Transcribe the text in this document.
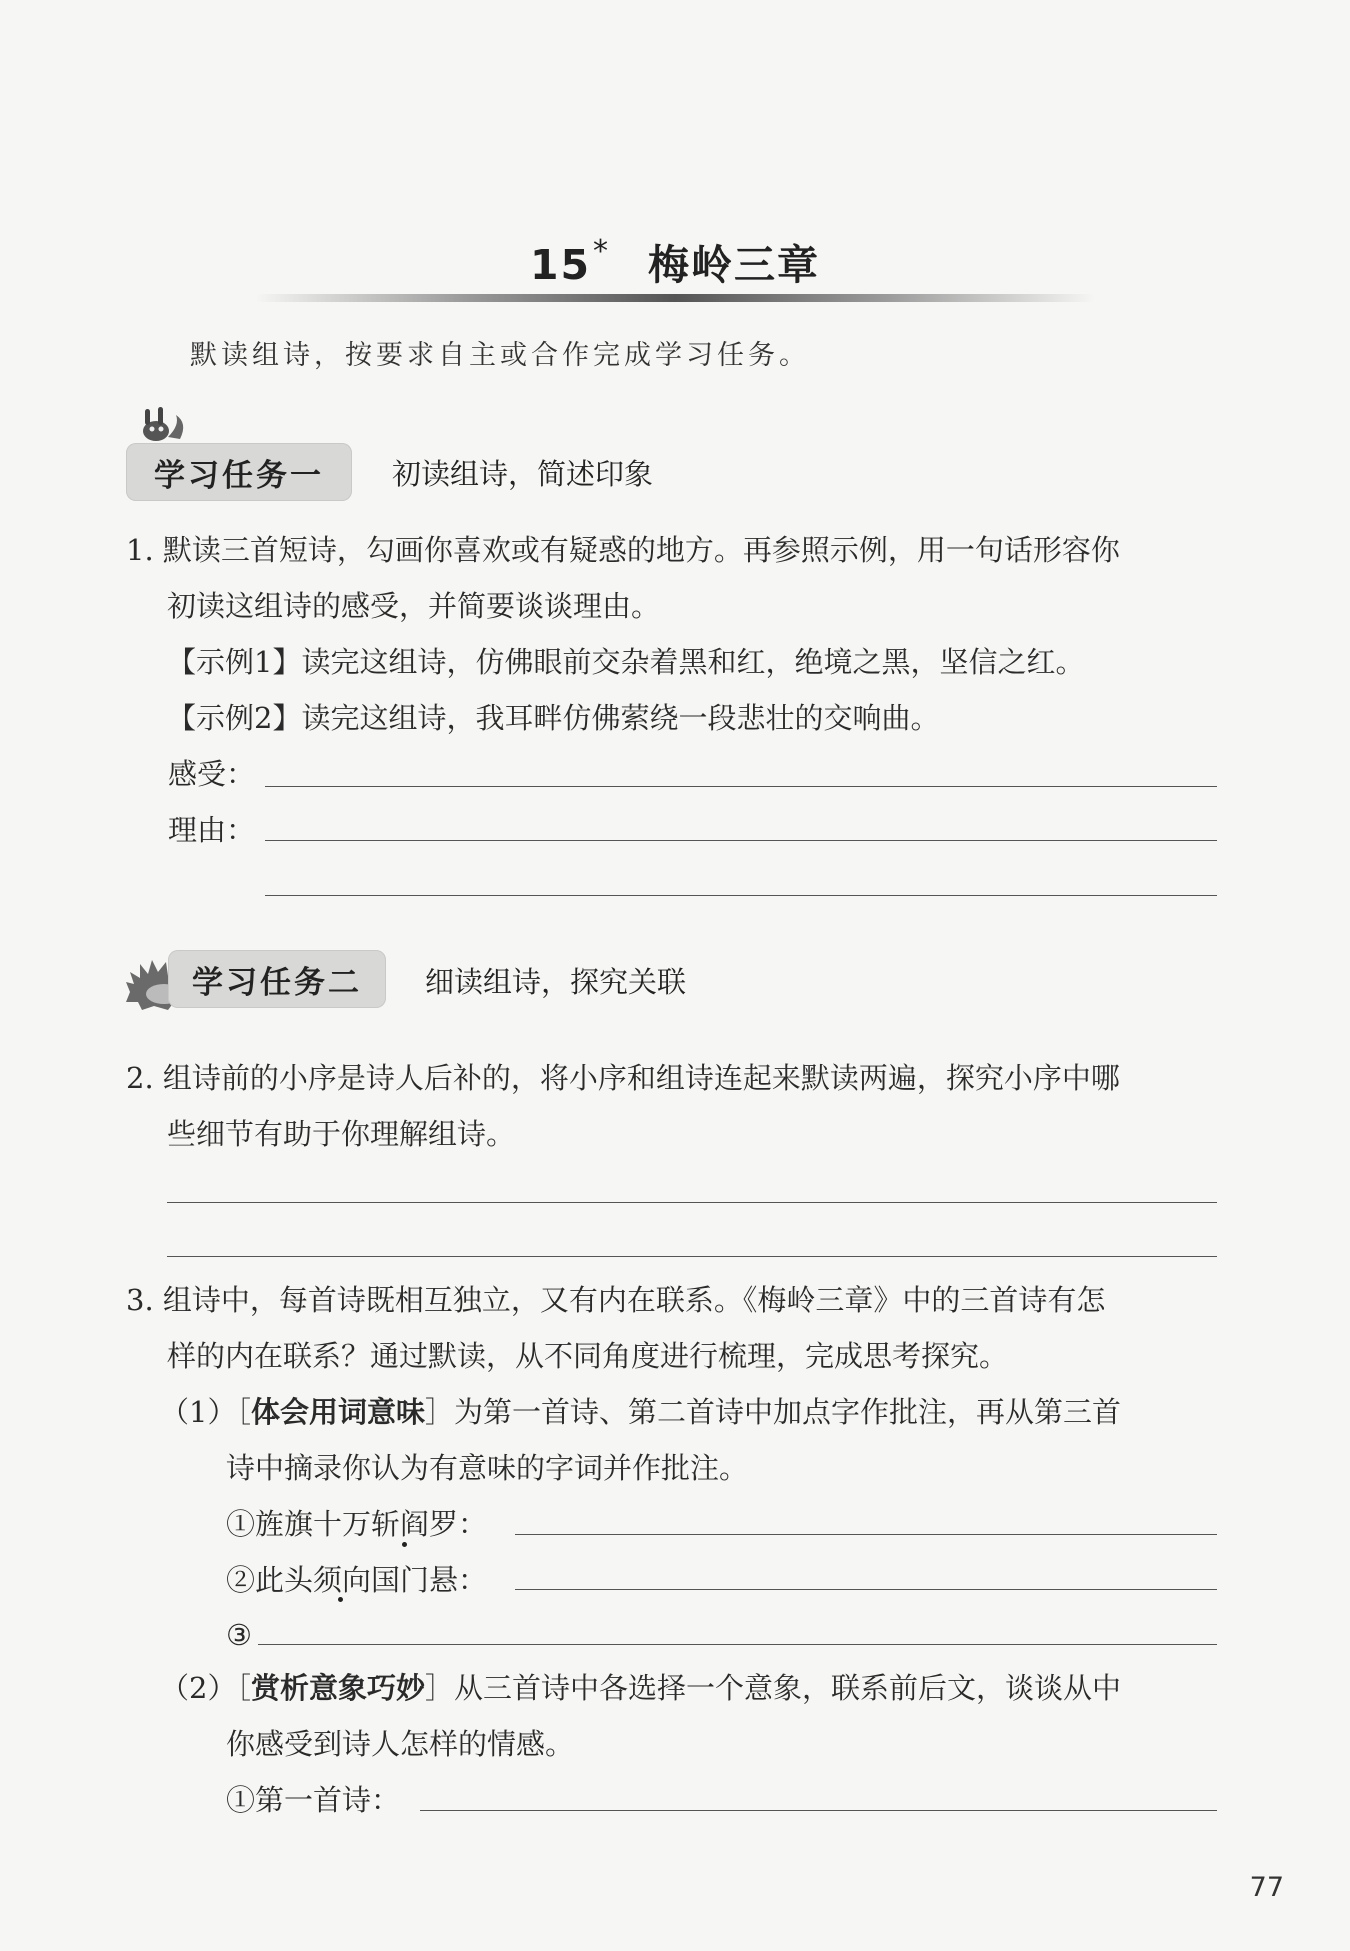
15* 梅岭三章
默读组诗，按要求自主或合作完成学习任务。
学习任务一	初读组诗，简述印象
1. 默读三首短诗，勾画你喜欢或有疑惑的地方。再参照示例，用一句话形容你
初读这组诗的感受，并简要谈谈理由。
【示例1】读完这组诗，仿佛眼前交杂着黑和红，绝境之黑，坚信之红。
【示例2】读完这组诗，我耳畔仿佛萦绕一段悲壮的交响曲。
感受：
理由：
学习任务二	细读组诗，探究关联
2. 组诗前的小序是诗人后补的，将小序和组诗连起来默读两遍，探究小序中哪
些细节有助于你理解组诗。
3. 组诗中，每首诗既相互独立，又有内在联系。《梅岭三章》中的三首诗有怎
样的内在联系？通过默读，从不同角度进行梳理，完成思考探究。
（1）［体会用词意味］为第一首诗、第二首诗中加点字作批注，再从第三首
诗中摘录你认为有意味的字词并作批注。
①旌旗十万斩阎罗：
②此头须向国门悬：
③
（2）［赏析意象巧妙］从三首诗中各选择一个意象，联系前后文，谈谈从中
你感受到诗人怎样的情感。
①第一首诗：
77
